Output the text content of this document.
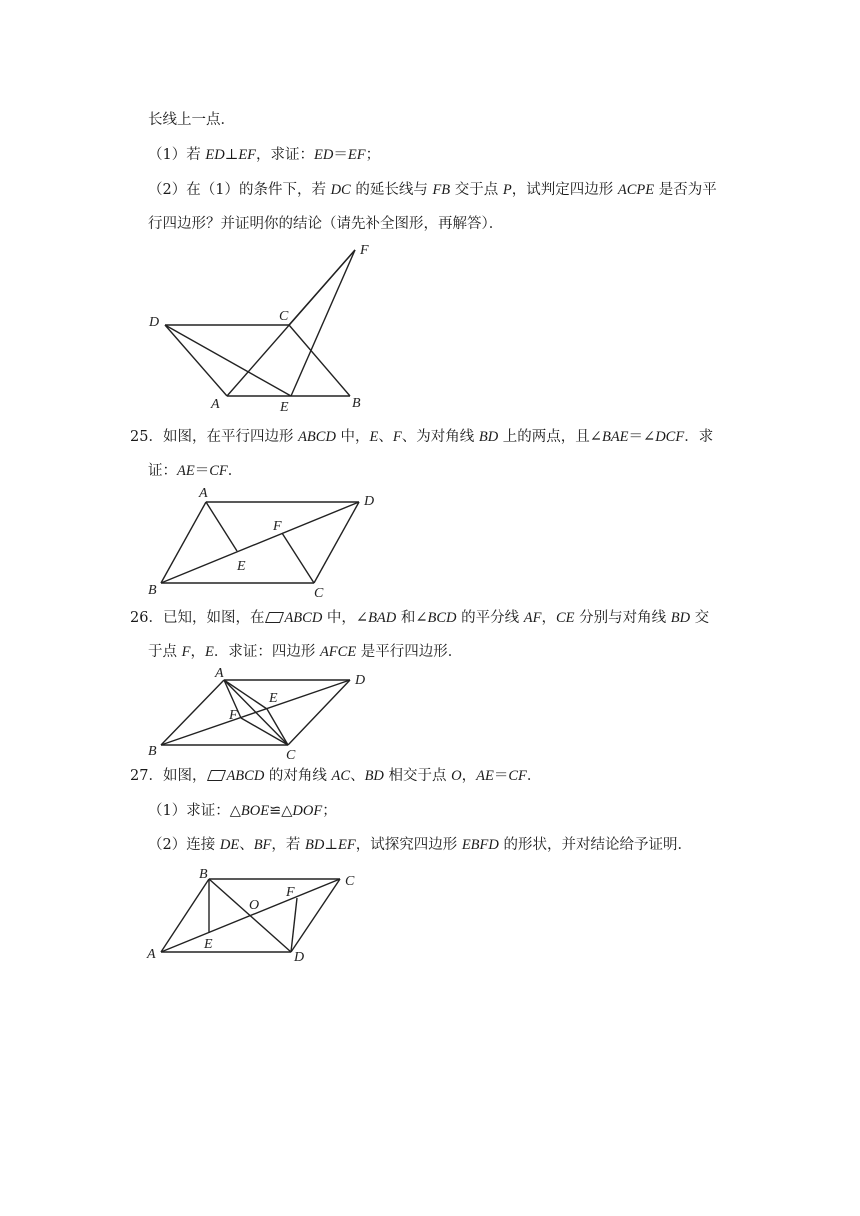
长线上一点．
（1）若 ED⊥EF，求证：ED＝EF；
（2）在（1）的条件下，若 DC 的延长线与 FB 交于点 P，试判定四边形 ACPE 是否为平
行四边形？并证明你的结论（请先补全图形，再解答）．
D	C
F
A	E	B
25．如图，在平行四边形 ABCD 中，E、F、为对角线 BD 上的两点，且∠BAE＝∠DCF．求
证：AE＝CF．
A
D
F
E
B	C
26．已知，如图，在 ABCD 中，∠BAD 和∠BCD 的平分线 AF，CE 分别与对角线 BD 交
于点 F，E．求证：四边形 AFCE 是平行四边形．
A	D
E
F
B	C
27．如图， ABCD 的对角线 AC、BD 相交于点 O，AE＝CF．
（1）求证：△BOE≌△DOF；
（2）连接 DE、BF，若 BD⊥EF，试探究四边形 EBFD 的形状，并对结论给予证明．
B	C
O
F
E
A	D
